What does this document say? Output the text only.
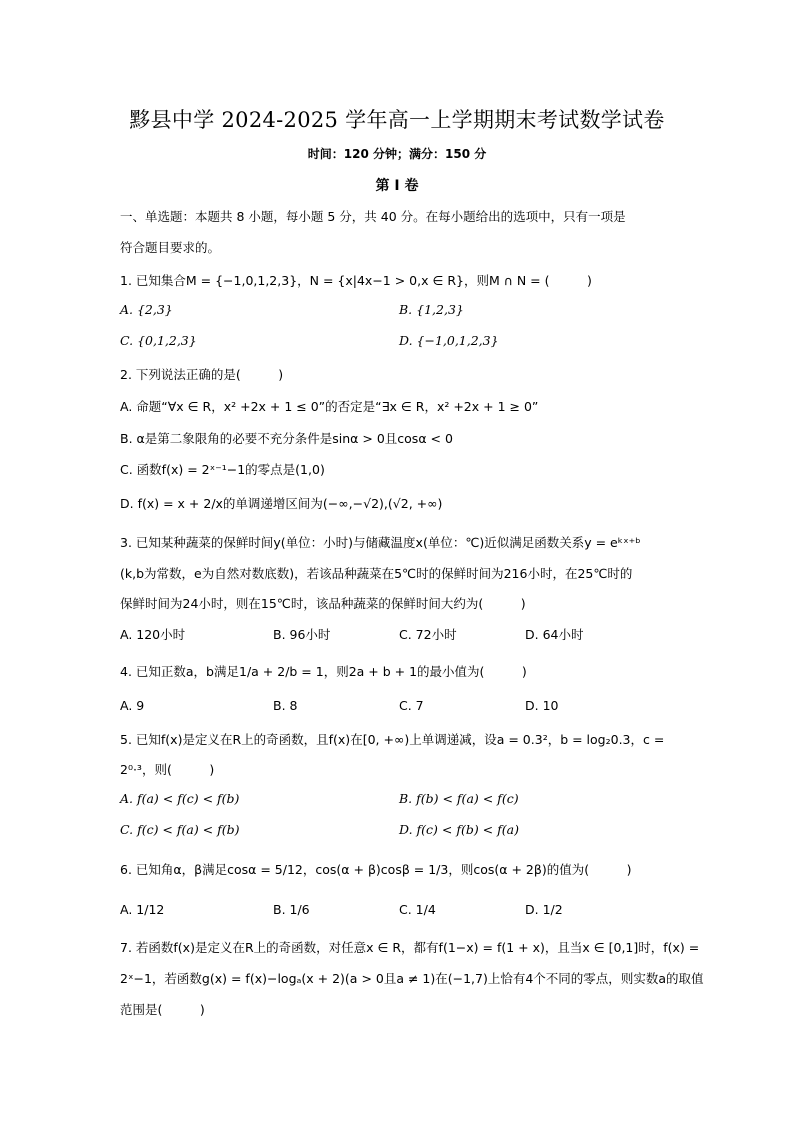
黟县中学 2024-2025 学年高一上学期期末考试数学试卷
时间：120 分钟；满分：150 分
第 I 卷
一、单选题：本题共 8 小题，每小题 5 分，共 40 分。在每小题给出的选项中，只有一项是
符合题目要求的。
1. 已知集合M = {−1,0,1,2,3}，N = {x|4x−1 > 0,x ∈ R}，则M ∩ N = (　　　)
A. {2,3}	B. {1,2,3}
C. {0,1,2,3}	D. {−1,0,1,2,3}
2. 下列说法正确的是(　　　)
A. 命题“∀x ∈ R，x² +2x + 1 ≤ 0”的否定是“∃x ∈ R，x² +2x + 1 ≥ 0”
B. α是第二象限角的必要不充分条件是sinα > 0且cosα < 0
C. 函数f(x) = 2ˣ⁻¹−1的零点是(1,0)
D. f(x) = x + 2/x的单调递增区间为(−∞,−√2),(√2, +∞)
3. 已知某种蔬菜的保鲜时间y(单位：小时)与储藏温度x(单位：℃)近似满足函数关系y = eᵏˣ⁺ᵇ
(k,b为常数，e为自然对数底数)，若该品种蔬菜在5℃时的保鲜时间为216小时，在25℃时的
保鲜时间为24小时，则在15℃时，该品种蔬菜的保鲜时间大约为(　　　)
A. 120小时	B. 96小时	C. 72小时	D. 64小时
4. 已知正数a，b满足1/a + 2/b = 1，则2a + b + 1的最小值为(　　　)
A. 9	B. 8	C. 7	D. 10
5. 已知f(x)是定义在R上的奇函数，且f(x)在[0, +∞)上单调递减，设a = 0.3²，b = log₂0.3，c =
2⁰·³，则(　　　)
A. f(a) < f(c) < f(b)	B. f(b) < f(a) < f(c)
C. f(c) < f(a) < f(b)	D. f(c) < f(b) < f(a)
6. 已知角α，β满足cosα = 5/12，cos(α + β)cosβ = 1/3，则cos(α + 2β)的值为(　　　)
A. 1/12	B. 1/6	C. 1/4	D. 1/2
7. 若函数f(x)是定义在R上的奇函数，对任意x ∈ R，都有f(1−x) = f(1 + x)，且当x ∈ [0,1]时，f(x) =
2ˣ−1，若函数g(x) = f(x)−logₐ(x + 2)(a > 0且a ≠ 1)在(−1,7)上恰有4个不同的零点，则实数a的取值
范围是(　　　)
